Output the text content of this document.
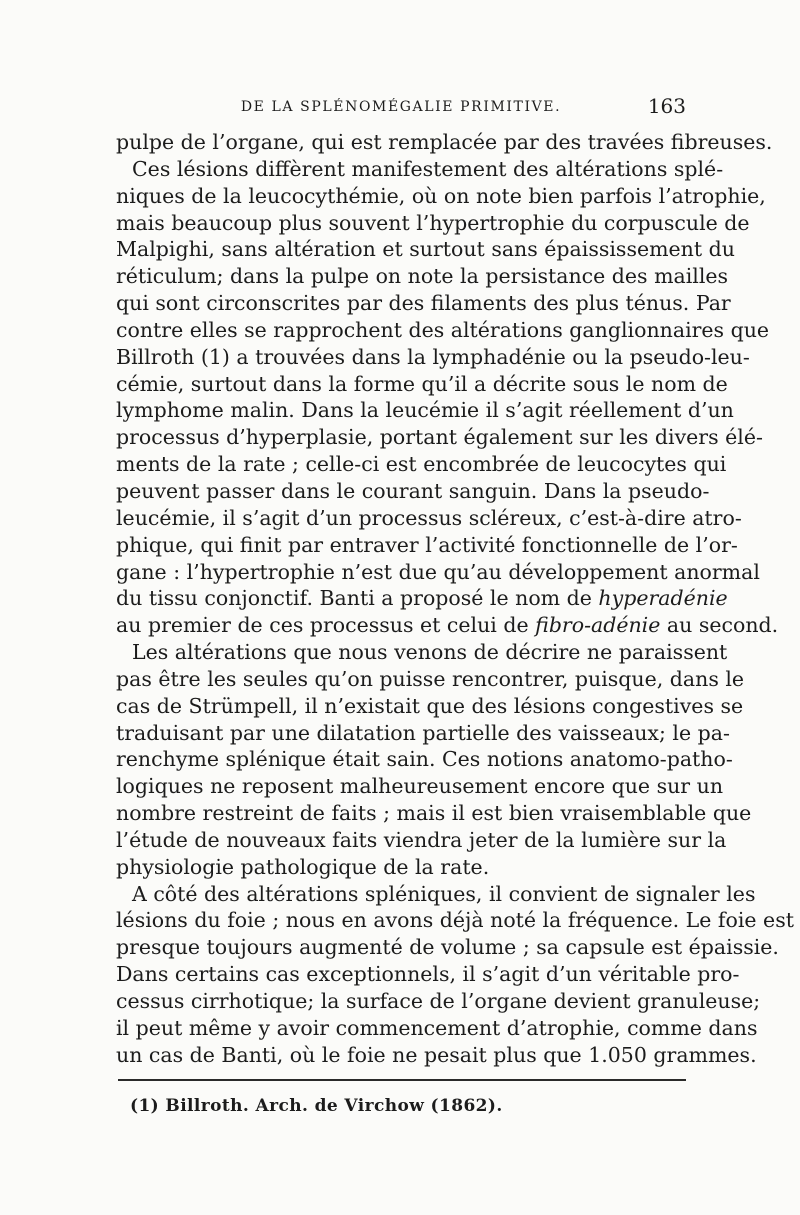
DE LA SPLÉNOMÉGALIE PRIMITIVE.	163
pulpe de l’organe, qui est remplacée par des travées fibreuses.
Ces lésions diffèrent manifestement des altérations splé-
niques de la leucocythémie, où on note bien parfois l’atrophie,
mais beaucoup plus souvent l’hypertrophie du corpuscule de
Malpighi, sans altération et surtout sans épaississement du
réticulum; dans la pulpe on note la persistance des mailles
qui sont circonscrites par des filaments des plus ténus. Par
contre elles se rapprochent des altérations ganglionnaires que
Billroth (1) a trouvées dans la lymphadénie ou la pseudo-leu-
cémie, surtout dans la forme qu’il a décrite sous le nom de
lymphome malin. Dans la leucémie il s’agit réellement d’un
processus d’hyperplasie, portant également sur les divers élé-
ments de la rate ; celle-ci est encombrée de leucocytes qui
peuvent passer dans le courant sanguin. Dans la pseudo-
leucémie, il s’agit d’un processus scléreux, c’est-à-dire atro-
phique, qui finit par entraver l’activité fonctionnelle de l’or-
gane : l’hypertrophie n’est due qu’au développement anormal
du tissu conjonctif. Banti a proposé le nom de hyperadénie
au premier de ces processus et celui de fibro-adénie au second.
Les altérations que nous venons de décrire ne paraissent
pas être les seules qu’on puisse rencontrer, puisque, dans le
cas de Strümpell, il n’existait que des lésions congestives se
traduisant par une dilatation partielle des vaisseaux; le pa-
renchyme splénique était sain. Ces notions anatomo-patho-
logiques ne reposent malheureusement encore que sur un
nombre restreint de faits ; mais il est bien vraisemblable que
l’étude de nouveaux faits viendra jeter de la lumière sur la
physiologie pathologique de la rate.
A côté des altérations spléniques, il convient de signaler les
lésions du foie ; nous en avons déjà noté la fréquence. Le foie est
presque toujours augmenté de volume ; sa capsule est épaissie.
Dans certains cas exceptionnels, il s’agit d’un véritable pro-
cessus cirrhotique; la surface de l’organe devient granuleuse;
il peut même y avoir commencement d’atrophie, comme dans
un cas de Banti, où le foie ne pesait plus que 1.050 grammes.
(1) Billroth. Arch. de Virchow (1862).
